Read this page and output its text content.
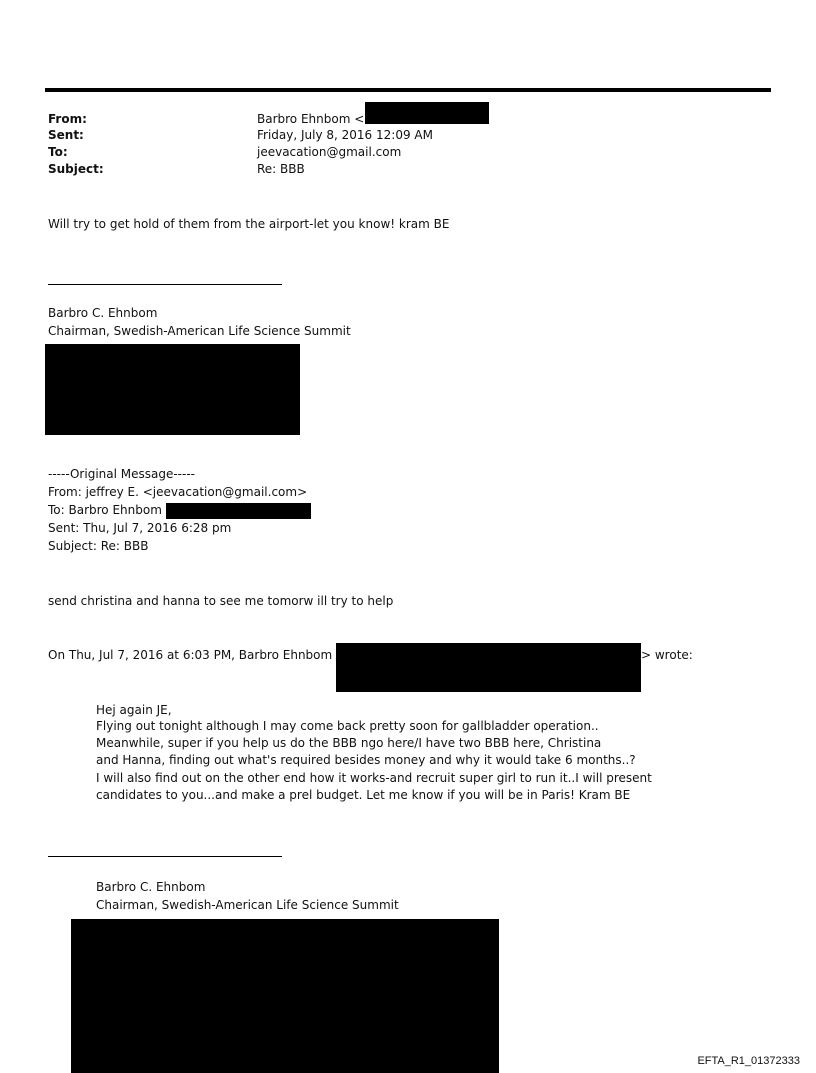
From:	Barbro Ehnbom <
Sent:	Friday, July 8, 2016 12:09 AM
To:	jeevacation@gmail.com
Subject:	Re: BBB
Will try to get hold of them from the airport-let you know! kram BE
Barbro C. Ehnbom
Chairman, Swedish-American Life Science Summit
-----Original Message-----
From: jeffrey E. <jeevacation@gmail.com>
To: Barbro Ehnbom
Sent: Thu, Jul 7, 2016 6:28 pm
Subject: Re: BBB
send christina and hanna to see me tomorw ill try to help
On Thu, Jul 7, 2016 at 6:03 PM, Barbro Ehnbom	> wrote:
Hej again JE,
Flying out tonight although I may come back pretty soon for gallbladder operation..
Meanwhile, super if you help us do the BBB ngo here/I have two BBB here, Christina
and Hanna, finding out what's required besides money and why it would take 6 months..?
I will also find out on the other end how it works-and recruit super girl to run it..I will present
candidates to you...and make a prel budget. Let me know if you will be in Paris! Kram BE
Barbro C. Ehnbom
Chairman, Swedish-American Life Science Summit
EFTA_R1_01372333
